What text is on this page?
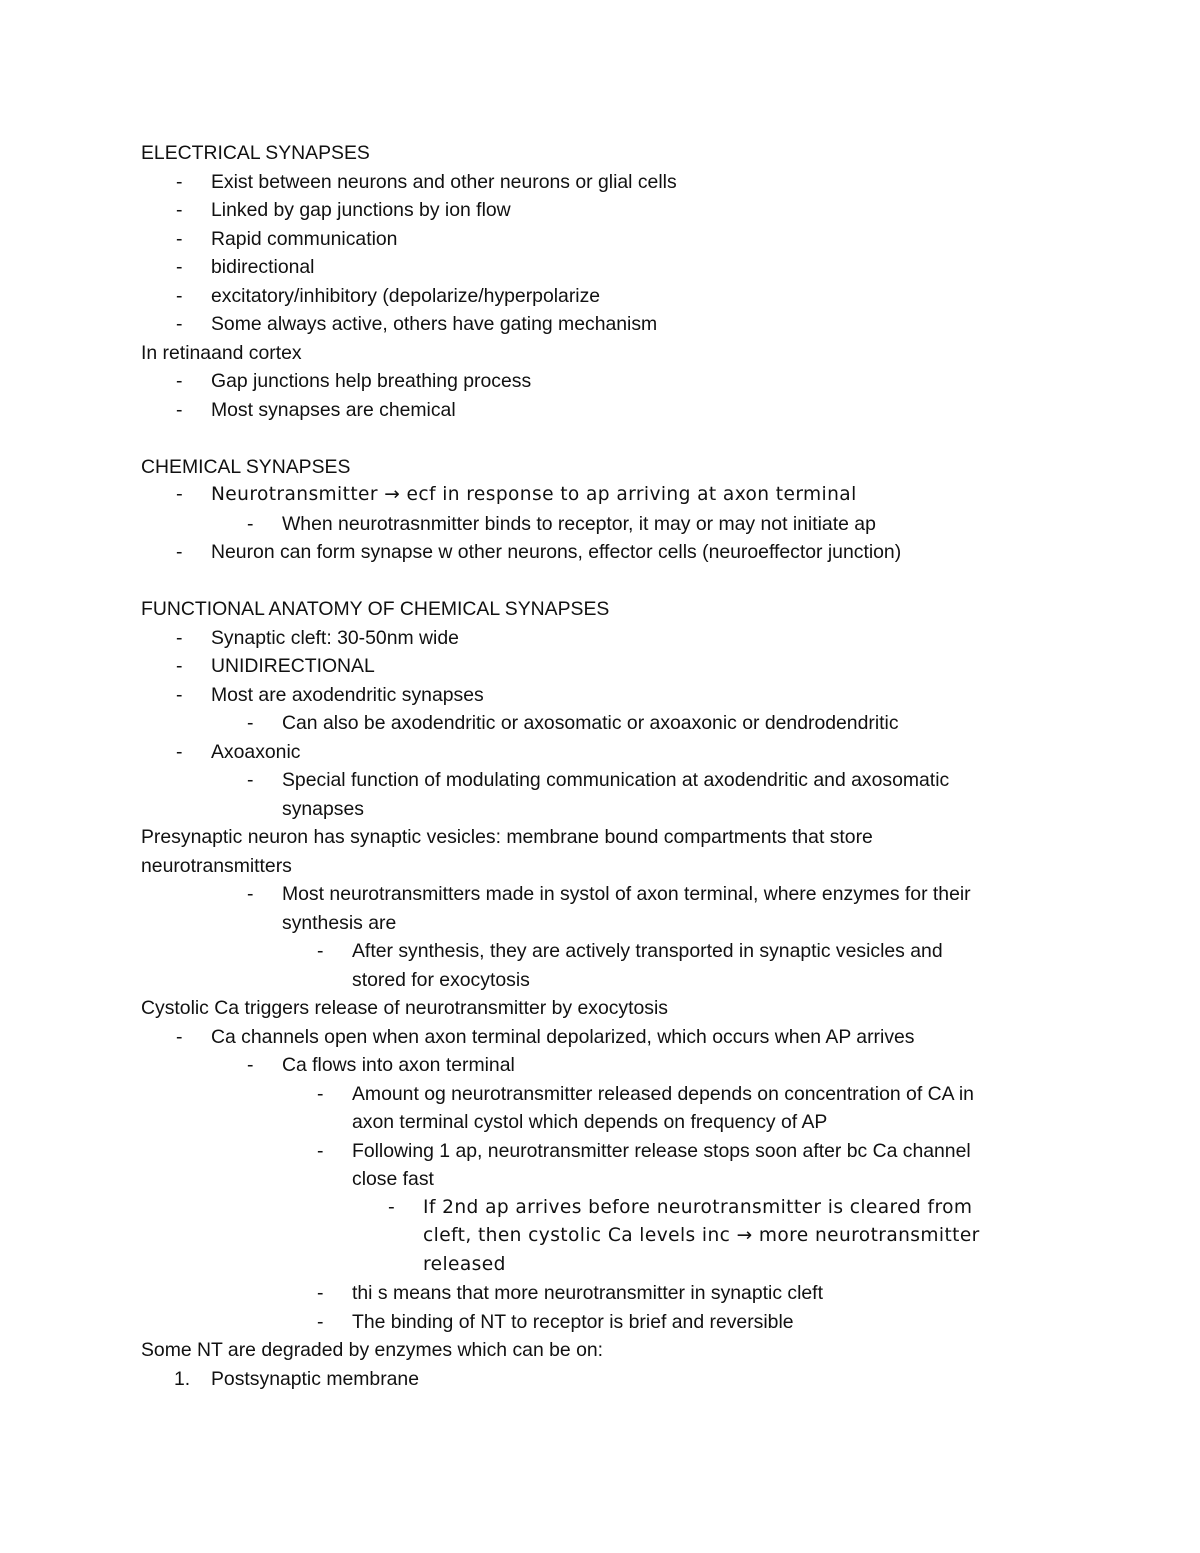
ELECTRICAL SYNAPSES
- Exist between neurons and other neurons or glial cells
- Linked by gap junctions by ion flow
- Rapid communication
- bidirectional
- excitatory/inhibitory (depolarize/hyperpolarize
- Some always active, others have gating mechanism
In retinaand cortex
- Gap junctions help breathing process
- Most synapses are chemical
CHEMICAL SYNAPSES
- Neurotransmitter → ecf in response to ap arriving at axon terminal
- When neurotrasnmitter binds to receptor, it may or may not initiate ap
- Neuron can form synapse w other neurons, effector cells (neuroeffector junction)
FUNCTIONAL ANATOMY OF CHEMICAL SYNAPSES
- Synaptic cleft: 30-50nm wide
- UNIDIRECTIONAL
- Most are axodendritic synapses
- Can also be axodendritic or axosomatic or axoaxonic or dendrodendritic
- Axoaxonic
- Special function of modulating communication at axodendritic and axosomatic
synapses
Presynaptic neuron has synaptic vesicles: membrane bound compartments that store
neurotransmitters
- Most neurotransmitters made in systol of axon terminal, where enzymes for their
synthesis are
- After synthesis, they are actively transported in synaptic vesicles and
stored for exocytosis
Cystolic Ca triggers release of neurotransmitter by exocytosis
- Ca channels open when axon terminal depolarized, which occurs when AP arrives
- Ca flows into axon terminal
- Amount og neurotransmitter released depends on concentration of CA in
axon terminal cystol which depends on frequency of AP
- Following 1 ap, neurotransmitter release stops soon after bc Ca channel
close fast
- If 2nd ap arrives before neurotransmitter is cleared from
cleft, then cystolic Ca levels inc → more neurotransmitter
released
- thi s means that more neurotransmitter in synaptic cleft
- The binding of NT to receptor is brief and reversible
Some NT are degraded by enzymes which can be on:
1. Postsynaptic membrane
